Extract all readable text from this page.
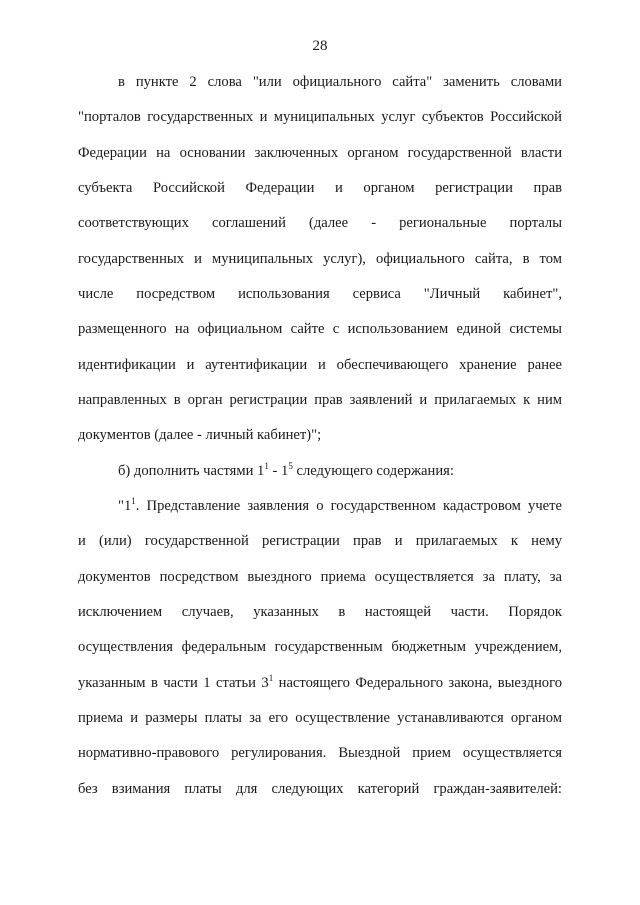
28
в пункте 2 слова "или официального сайта" заменить словами
"порталов государственных и муниципальных услуг субъектов Российской
Федерации на основании заключенных органом государственной власти
субъекта Российской Федерации и органом регистрации прав
соответствующих соглашений (далее - региональные порталы
государственных и муниципальных услуг), официального сайта, в том
числе посредством использования сервиса "Личный кабинет",
размещенного на официальном сайте с использованием единой системы
идентификации и аутентификации и обеспечивающего хранение ранее
направленных в орган регистрации прав заявлений и прилагаемых к ним
документов (далее - личный кабинет)";
б) дополнить частями $1^1 - 1^5$ следующего содержания:
"$1^1$. Представление заявления о государственном кадастровом учете
и (или) государственной регистрации прав и прилагаемых к нему
документов посредством выездного приема осуществляется за плату, за
исключением случаев, указанных в настоящей части. Порядок
осуществления федеральным государственным бюджетным учреждением,
указанным в части 1 статьи $3^1$ настоящего Федерального закона, выездного
приема и размеры платы за его осуществление устанавливаются органом
нормативно-правового регулирования. Выездной прием осуществляется
без взимания платы для следующих категорий граждан-заявителей:
